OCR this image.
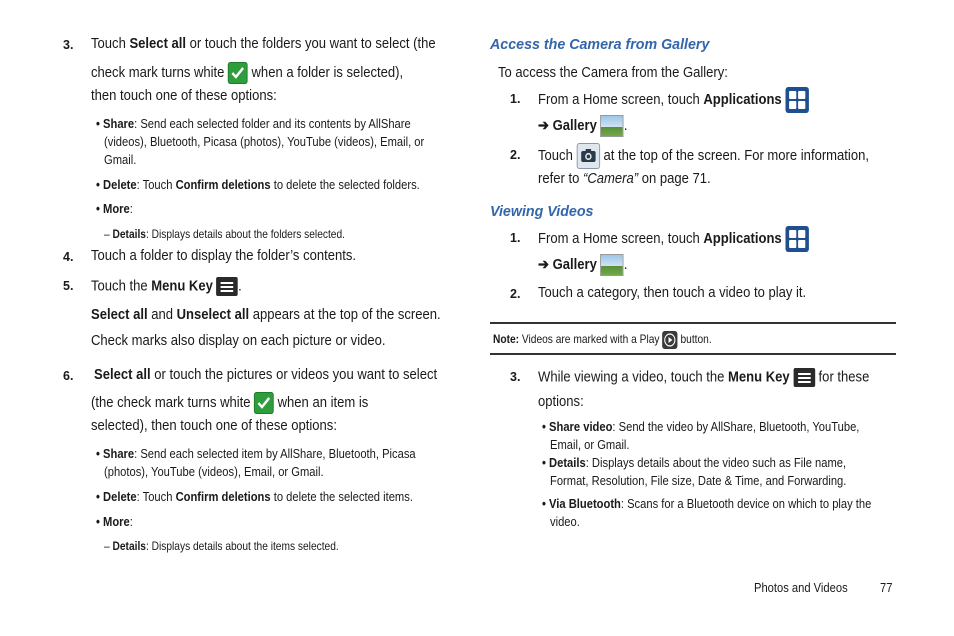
3. Touch Select all or touch the folders you want to select (the
check mark turns white
when a folder is selected),
then touch one of these options:
• Share: Send each selected folder and its contents by AllShare
(videos), Bluetooth, Picasa (photos), YouTube (videos), Email, or
Gmail.
• Delete: Touch Confirm deletions to delete the selected folders.
• More:
– Details: Displays details about the folders selected.
4. Touch a folder to display the folder’s contents.
5. Touch the Menu Key .
Select all and Unselect all appears at the top of the screen.
Check marks also display on each picture or video.
6. Select all or touch the pictures or videos you want to select
(the check mark turns white
when an item is
selected), then touch one of these options:
• Share: Send each selected item by AllShare, Bluetooth, Picasa
(photos), YouTube (videos), Email, or Gmail.
• Delete: Touch Confirm deletions to delete the selected items.
• More:
– Details: Displays details about the items selected.
Access the Camera from Gallery
To access the Camera from the Gallery:
1. From a Home screen, touch Applications
➔ Gallery .
2. Touch
at the top of the screen. For more information,
refer to “Camera” on page 71.
Viewing Videos
1. From a Home screen, touch Applications
➔ Gallery .
2. Touch a category, then touch a video to play it.
Note: Videos are marked with a Play
button.
3. While viewing a video, touch the Menu Key
for these
options:
• Share video: Send the video by AllShare, Bluetooth, YouTube,
Email, or Gmail.
• Details: Displays details about the video such as File name,
Format, Resolution, File size, Date & Time, and Forwarding.
• Via Bluetooth: Scans for a Bluetooth device on which to play the
video.
Photos and Videos 77
